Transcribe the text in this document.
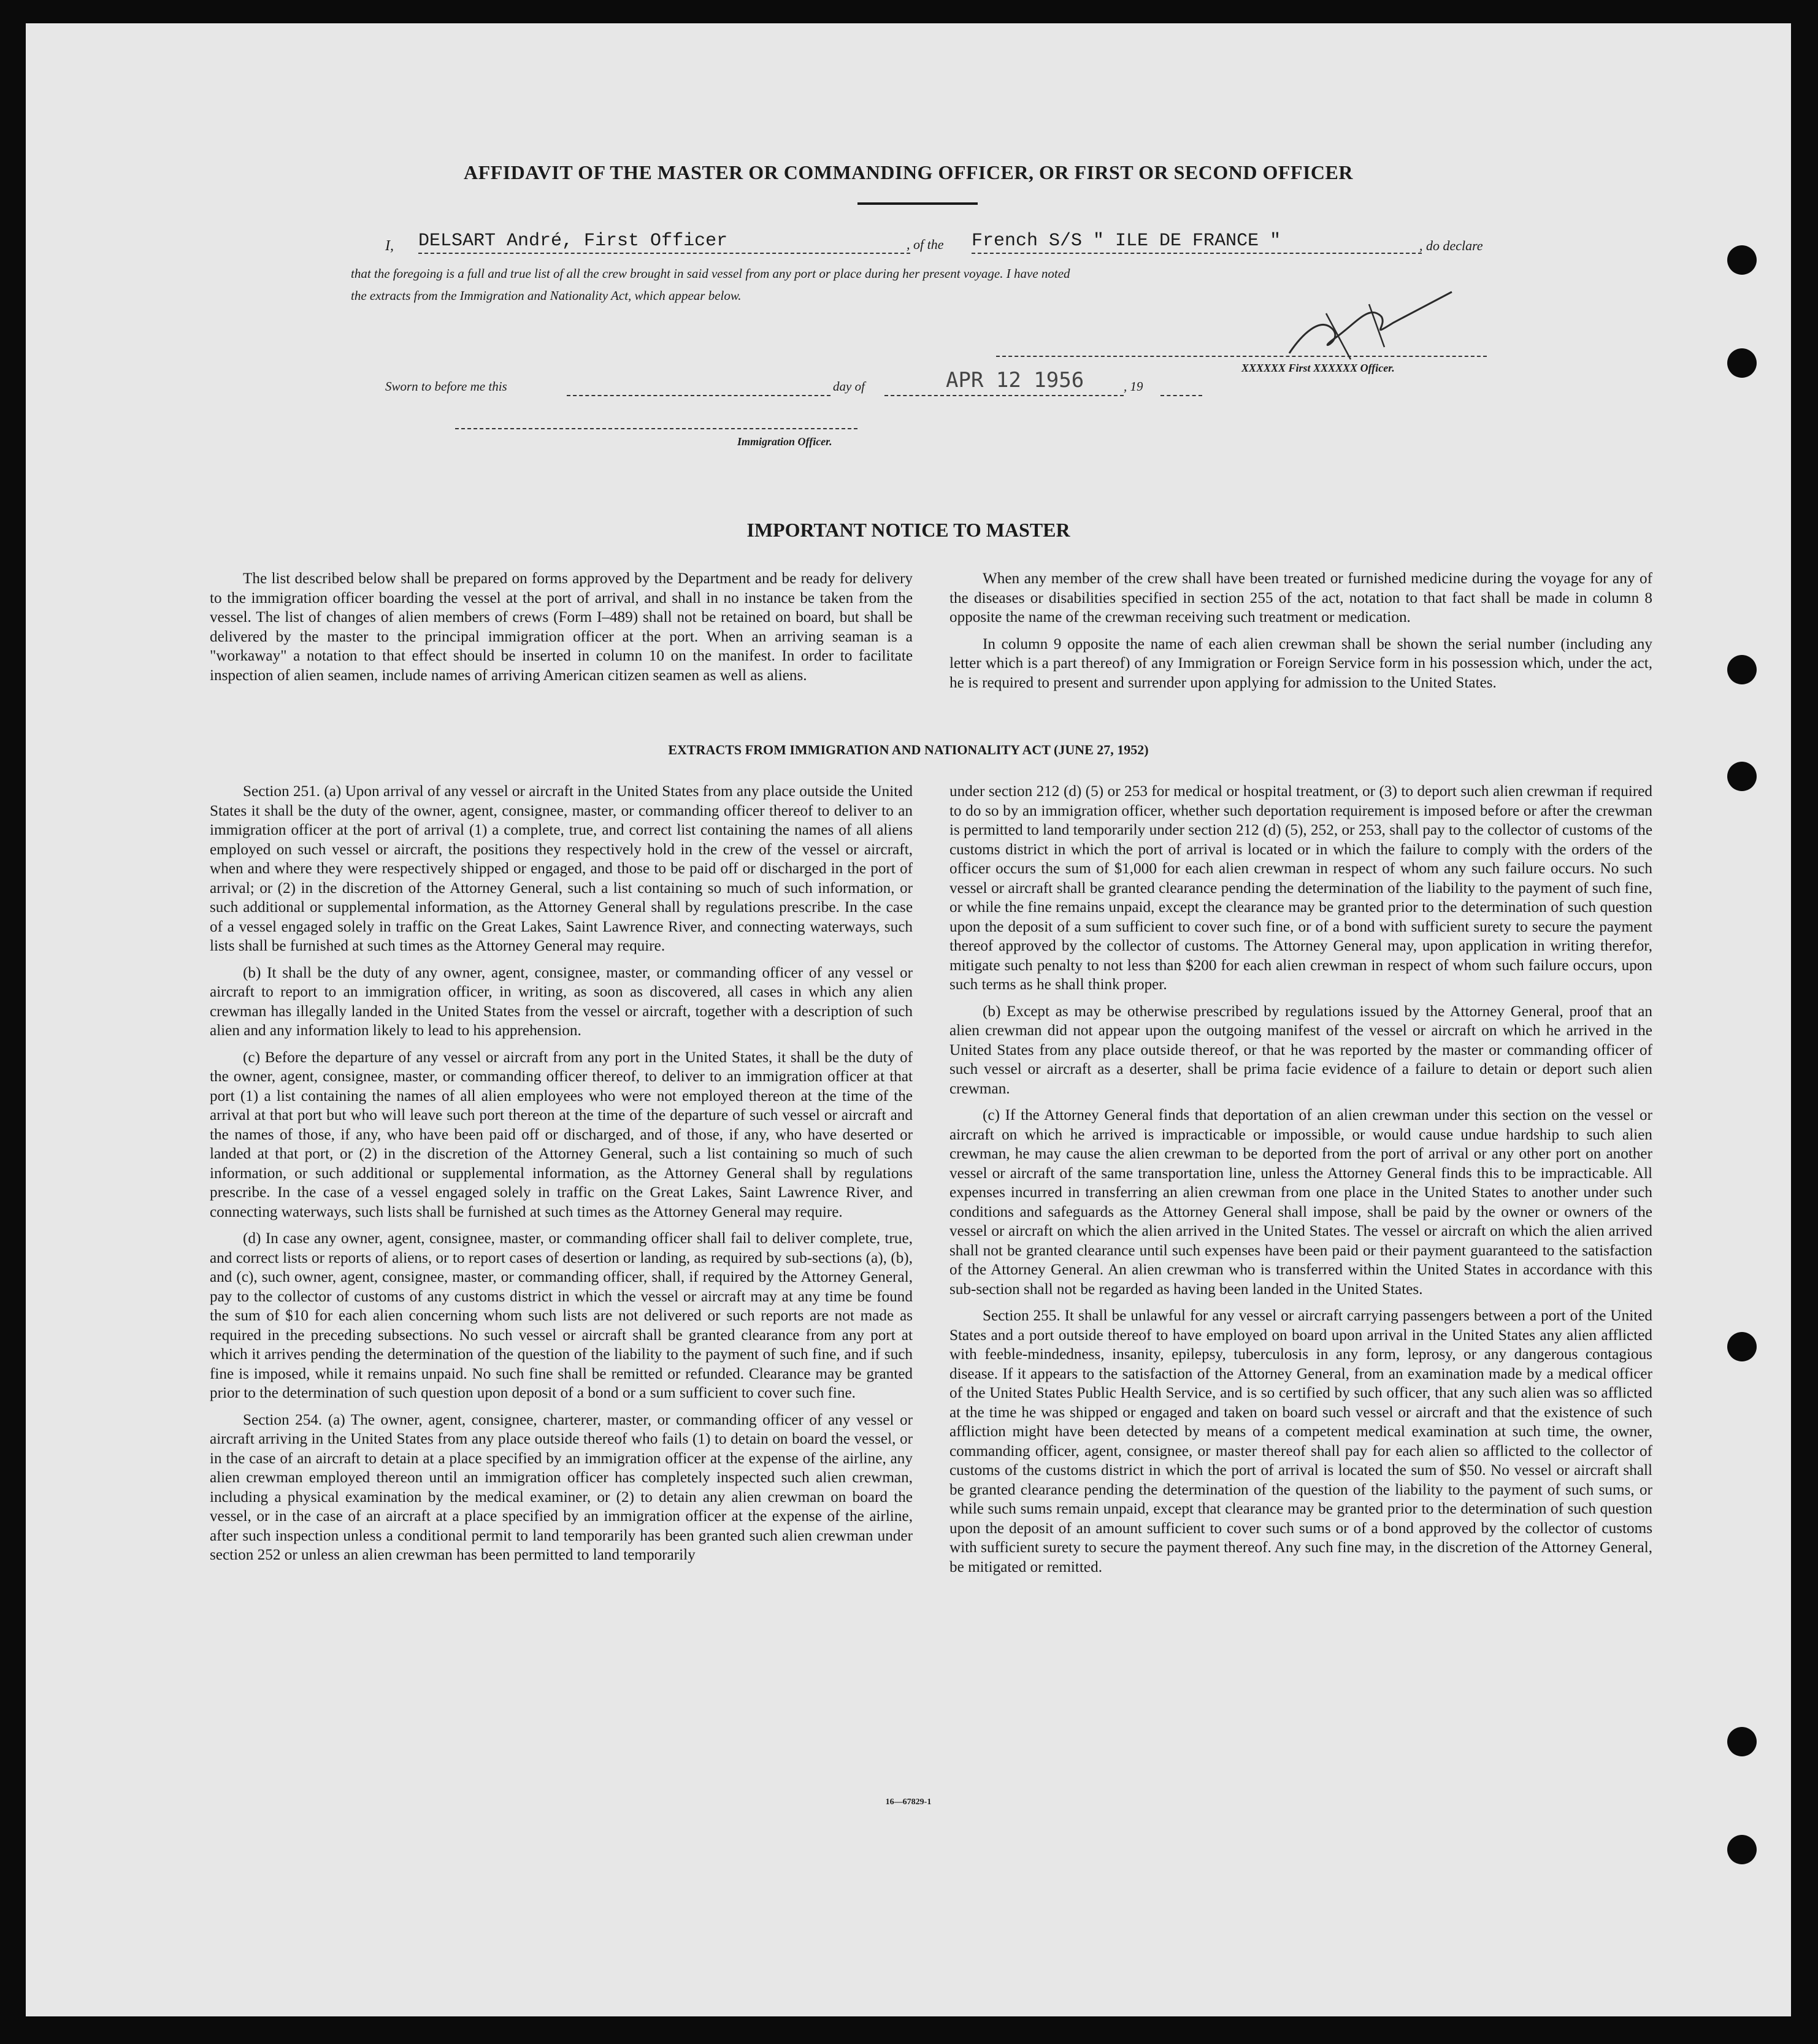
AFFIDAVIT OF THE MASTER OR COMMANDING OFFICER, OR FIRST OR SECOND OFFICER
I, DELSART André, First Officer	, of the French S/S " ILE DE FRANCE "	, do declare
that the foregoing is a full and true list of all the crew brought in said vessel from any port or place during her present voyage. I have noted
the extracts from the Immigration and Nationality Act, which appear below.
XXXXXX First XXXXXX Officer.
Sworn to before me this	day of	APR 12 1956	, 19
Immigration Officer.
IMPORTANT NOTICE TO MASTER

The list described below shall be prepared on forms approved by the Department and be ready for delivery to the immigration officer boarding the vessel at the port of arrival, and shall in no instance be taken from the vessel. The list of changes of alien members of crews (Form I–489) shall not be retained on board, but shall be delivered by the master to the principal immigration officer at the port. When an arriving seaman is a "workaway" a notation to that effect should be inserted in column 10 on the manifest. In order to facilitate inspection of alien seamen, include names of arriving American citizen seamen as well as aliens.

When any member of the crew shall have been treated or furnished medicine during the voyage for any of the diseases or disabilities specified in section 255 of the act, notation to that fact shall be made in column 8 opposite the name of the crewman receiving such treatment or medication.

In column 9 opposite the name of each alien crewman shall be shown the serial number (including any letter which is a part thereof) of any Immigration or Foreign Service form in his possession which, under the act, he is required to present and surrender upon applying for admission to the United States.

EXTRACTS FROM IMMIGRATION AND NATIONALITY ACT (JUNE 27, 1952)

Section 251. (a) Upon arrival of any vessel or aircraft in the United States from any place outside the United States it shall be the duty of the owner, agent, consignee, master, or commanding officer thereof to deliver to an immigration officer at the port of arrival (1) a complete, true, and correct list containing the names of all aliens employed on such vessel or aircraft, the positions they respectively hold in the crew of the vessel or aircraft, when and where they were respectively shipped or engaged, and those to be paid off or discharged in the port of arrival; or (2) in the discretion of the Attorney General, such a list containing so much of such information, or such additional or supplemental information, as the Attorney General shall by regulations prescribe. In the case of a vessel engaged solely in traffic on the Great Lakes, Saint Lawrence River, and connecting waterways, such lists shall be furnished at such times as the Attorney General may require.

(b) It shall be the duty of any owner, agent, consignee, master, or commanding officer of any vessel or aircraft to report to an immigration officer, in writing, as soon as discovered, all cases in which any alien crewman has illegally landed in the United States from the vessel or aircraft, together with a description of such alien and any information likely to lead to his apprehension.

(c) Before the departure of any vessel or aircraft from any port in the United States, it shall be the duty of the owner, agent, consignee, master, or commanding officer thereof, to deliver to an immigration officer at that port (1) a list containing the names of all alien employees who were not employed thereon at the time of the arrival at that port but who will leave such port thereon at the time of the departure of such vessel or aircraft and the names of those, if any, who have been paid off or discharged, and of those, if any, who have deserted or landed at that port, or (2) in the discretion of the Attorney General, such a list containing so much of such information, or such additional or supplemental information, as the Attorney General shall by regulations prescribe. In the case of a vessel engaged solely in traffic on the Great Lakes, Saint Lawrence River, and connecting waterways, such lists shall be furnished at such times as the Attorney General may require.

(d) In case any owner, agent, consignee, master, or commanding officer shall fail to deliver complete, true, and correct lists or reports of aliens, or to report cases of desertion or landing, as required by sub-sections (a), (b), and (c), such owner, agent, consignee, master, or commanding officer, shall, if required by the Attorney General, pay to the collector of customs of any customs district in which the vessel or aircraft may at any time be found the sum of $10 for each alien concerning whom such lists are not delivered or such reports are not made as required in the preceding subsections. No such vessel or aircraft shall be granted clearance from any port at which it arrives pending the determination of the question of the liability to the payment of such fine, and if such fine is imposed, while it remains unpaid. No such fine shall be remitted or refunded. Clearance may be granted prior to the determination of such question upon deposit of a bond or a sum sufficient to cover such fine.

Section 254. (a) The owner, agent, consignee, charterer, master, or commanding officer of any vessel or aircraft arriving in the United States from any place outside thereof who fails (1) to detain on board the vessel, or in the case of an aircraft to detain at a place specified by an immigration officer at the expense of the airline, any alien crewman employed thereon until an immigration officer has completely inspected such alien crewman, including a physical examination by the medical examiner, or (2) to detain any alien crewman on board the vessel, or in the case of an aircraft at a place specified by an immigration officer at the expense of the airline, after such inspection unless a conditional permit to land temporarily has been granted such alien crewman under section 252 or unless an alien crewman has been permitted to land temporarily

under section 212 (d) (5) or 253 for medical or hospital treatment, or (3) to deport such alien crewman if required to do so by an immigration officer, whether such deportation requirement is imposed before or after the crewman is permitted to land temporarily under section 212 (d) (5), 252, or 253, shall pay to the collector of customs of the customs district in which the port of arrival is located or in which the failure to comply with the orders of the officer occurs the sum of $1,000 for each alien crewman in respect of whom any such failure occurs. No such vessel or aircraft shall be granted clearance pending the determination of the liability to the payment of such fine, or while the fine remains unpaid, except the clearance may be granted prior to the determination of such question upon the deposit of a sum sufficient to cover such fine, or of a bond with sufficient surety to secure the payment thereof approved by the collector of customs. The Attorney General may, upon application in writing therefor, mitigate such penalty to not less than $200 for each alien crewman in respect of whom such failure occurs, upon such terms as he shall think proper.

(b) Except as may be otherwise prescribed by regulations issued by the Attorney General, proof that an alien crewman did not appear upon the outgoing manifest of the vessel or aircraft on which he arrived in the United States from any place outside thereof, or that he was reported by the master or commanding officer of such vessel or aircraft as a deserter, shall be prima facie evidence of a failure to detain or deport such alien crewman.

(c) If the Attorney General finds that deportation of an alien crewman under this section on the vessel or aircraft on which he arrived is impracticable or impossible, or would cause undue hardship to such alien crewman, he may cause the alien crewman to be deported from the port of arrival or any other port on another vessel or aircraft of the same transportation line, unless the Attorney General finds this to be impracticable. All expenses incurred in transferring an alien crewman from one place in the United States to another under such conditions and safeguards as the Attorney General shall impose, shall be paid by the owner or owners of the vessel or aircraft on which the alien arrived in the United States. The vessel or aircraft on which the alien arrived shall not be granted clearance until such expenses have been paid or their payment guaranteed to the satisfaction of the Attorney General. An alien crewman who is transferred within the United States in accordance with this sub-section shall not be regarded as having been landed in the United States.

Section 255. It shall be unlawful for any vessel or aircraft carrying passengers between a port of the United States and a port outside thereof to have employed on board upon arrival in the United States any alien afflicted with feeble-mindedness, insanity, epilepsy, tuberculosis in any form, leprosy, or any dangerous contagious disease. If it appears to the satisfaction of the Attorney General, from an examination made by a medical officer of the United States Public Health Service, and is so certified by such officer, that any such alien was so afflicted at the time he was shipped or engaged and taken on board such vessel or aircraft and that the existence of such affliction might have been detected by means of a competent medical examination at such time, the owner, commanding officer, agent, consignee, or master thereof shall pay for each alien so afflicted to the collector of customs of the customs district in which the port of arrival is located the sum of $50. No vessel or aircraft shall be granted clearance pending the determination of the question of the liability to the payment of such sums, or while such sums remain unpaid, except that clearance may be granted prior to the determination of such question upon the deposit of an amount sufficient to cover such sums or of a bond approved by the collector of customs with sufficient surety to secure the payment thereof. Any such fine may, in the discretion of the Attorney General, be mitigated or remitted.

16—67829-1
